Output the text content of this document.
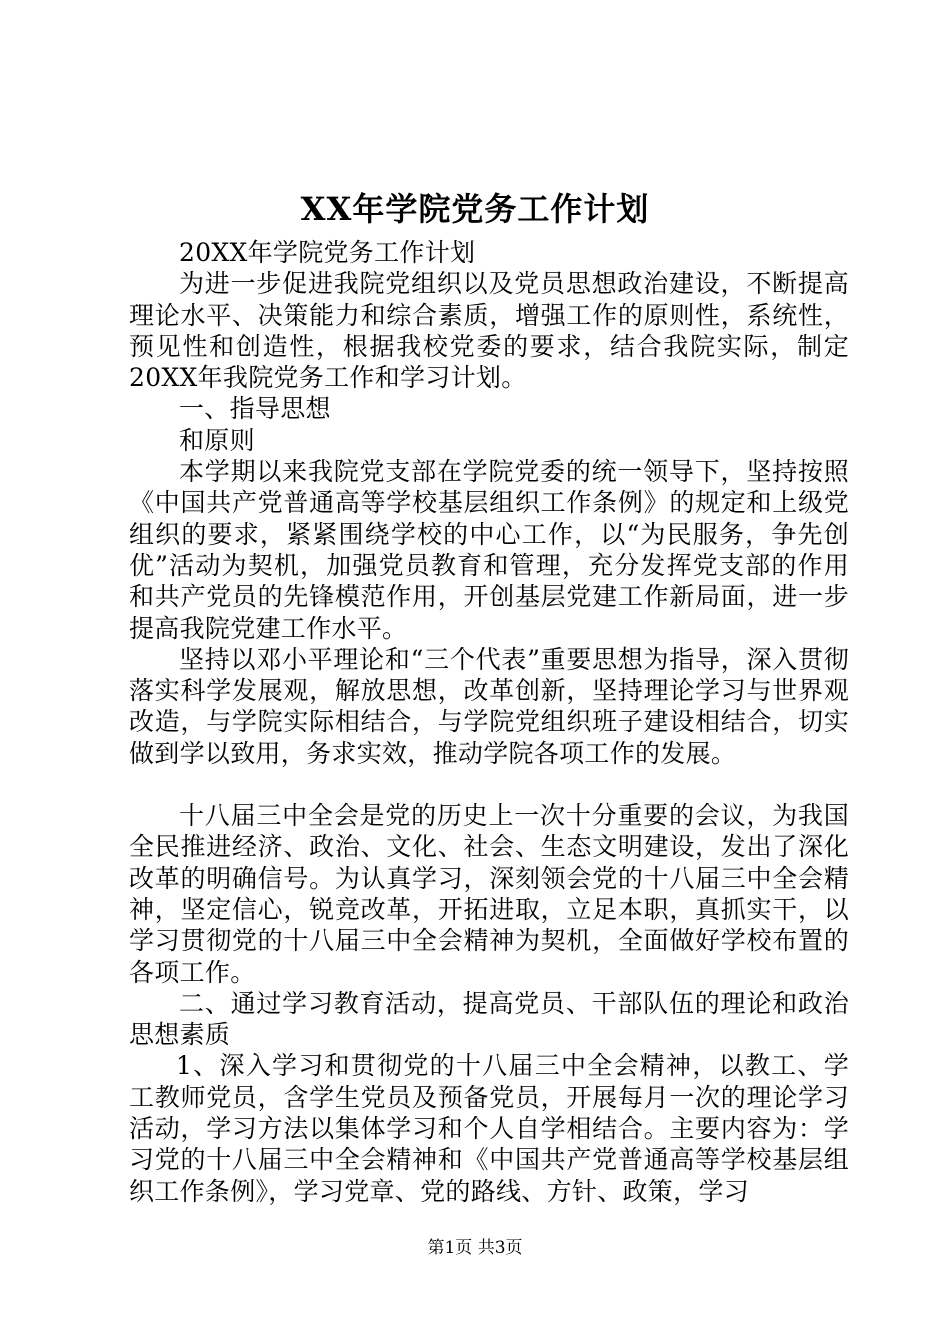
XX年学院党务工作计划

20XX年学院党务工作计划

为进一步促进我院党组织以及党员思想政治建设，不断提高理论水平、决策能力和综合素质，增强工作的原则性，系统性，预见性和创造性，根据我校党委的要求，结合我院实际，制定20XX年我院党务工作和学习计划。

一、指导思想

和原则

本学期以来我院党支部在学院党委的统一领导下，坚持按照《中国共产党普通高等学校基层组织工作条例》的规定和上级党组织的要求，紧紧围绕学校的中心工作，以“为民服务，争先创优”活动为契机，加强党员教育和管理，充分发挥党支部的作用和共产党员的先锋模范作用，开创基层党建工作新局面，进一步提高我院党建工作水平。

坚持以邓小平理论和“三个代表”重要思想为指导，深入贯彻落实科学发展观，解放思想，改革创新，坚持理论学习与世界观改造，与学院实际相结合，与学院党组织班子建设相结合，切实做到学以致用，务求实效，推动学院各项工作的发展。

十八届三中全会是党的历史上一次十分重要的会议，为我国全民推进经济、政治、文化、社会、生态文明建设，发出了深化改革的明确信号。为认真学习，深刻领会党的十八届三中全会精神，坚定信心，锐竞改革，开拓进取，立足本职，真抓实干，以学习贯彻党的十八届三中全会精神为契机，全面做好学校布置的各项工作。

二、通过学习教育活动，提高党员、干部队伍的理论和政治思想素质

1、深入学习和贯彻党的十八届三中全会精神，以教工、学工教师党员，含学生党员及预备党员，开展每月一次的理论学习活动，学习方法以集体学习和个人自学相结合。主要内容为：学习党的十八届三中全会精神和《中国共产党普通高等学校基层组织工作条例》，学习党章、党的路线、方针、政策，学习

第1页 共3页
